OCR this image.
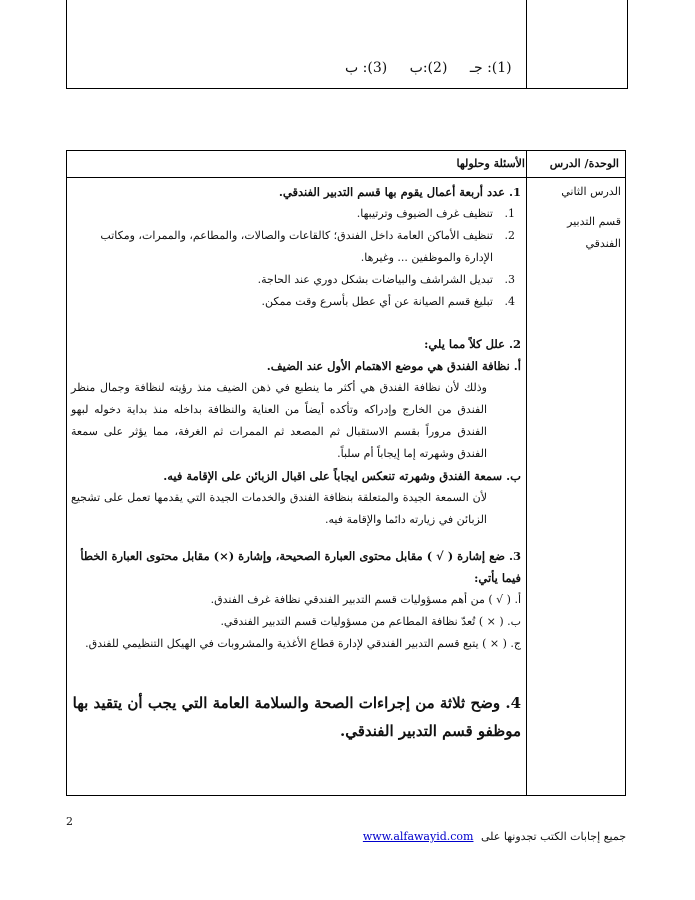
(1): جـ (2):ب (3): ب
الوحدة/ الدرس
الأسئلة وحلولها
الدرس الثاني
قسم التدبير
الفندقي
1. عدد أربعة أعمال يقوم بها قسم التدبير الفندقي.
1.
تنظيف غرف الضيوف وترتيبها.
2.
تنظيف الأماكن العامة داخل الفندق؛ كالقاعات والصالات، والمطاعم، والممرات، ومكاتب الإدارة والموظفين ... وغيرها.
3.
تبديل الشراشف والبياضات بشكل دوري عند الحاجة.
4.
تبليغ قسم الصيانة عن أي عطل بأسرع وقت ممكن.
2. علل كلاً مما يلي:
أ. نظافة الفندق هي موضع الاهتمام الأول عند الضيف.
وذلك لأن نظافة الفندق هي أكثر ما ينطبع في ذهن الضيف منذ رؤيته لنظافة وجمال منظر الفندق من الخارج وإدراكه وتأكده أيضاً من العناية والنظافة بداخله منذ بداية دخوله لبهو الفندق مروراً بقسم الاستقبال ثم المصعد ثم الممرات ثم الغرفة، مما يؤثر على سمعة الفندق وشهرته إما إيجاباً أم سلباً.
ب. سمعة الفندق وشهرته تنعكس ايجاباً على اقبال الزبائن على الإقامة فيه.
لأن السمعة الجيدة والمتعلقة بنظافة الفندق والخدمات الجيدة التي يقدمها تعمل على تشجيع الزبائن في زيارته دائما والإقامة فيه.
3. ضع إشارة ( √ ) مقابل محتوى العبارة الصحيحة، وإشارة (×) مقابل محتوى العبارة الخطأ فيما يأتي:
أ. ( √ ) من أهم مسؤوليات قسم التدبير الفندقي نظافة غرف الفندق.
ب. ( × ) تُعدّ نظافة المطاعم من مسؤوليات قسم التدبير الفندقي.
ج. ( × ) يتبع قسم التدبير الفندقي لإدارة قطاع الأغذية والمشروبات في الهيكل التنظيمي للفندق.
4. وضح ثلاثة من إجراءات الصحة والسلامة العامة التي يجب أن يتقيد بها موظفو قسم التدبير الفندقي.
2
جميع إجابات الكتب تجدونها على www.alfawayid.com
